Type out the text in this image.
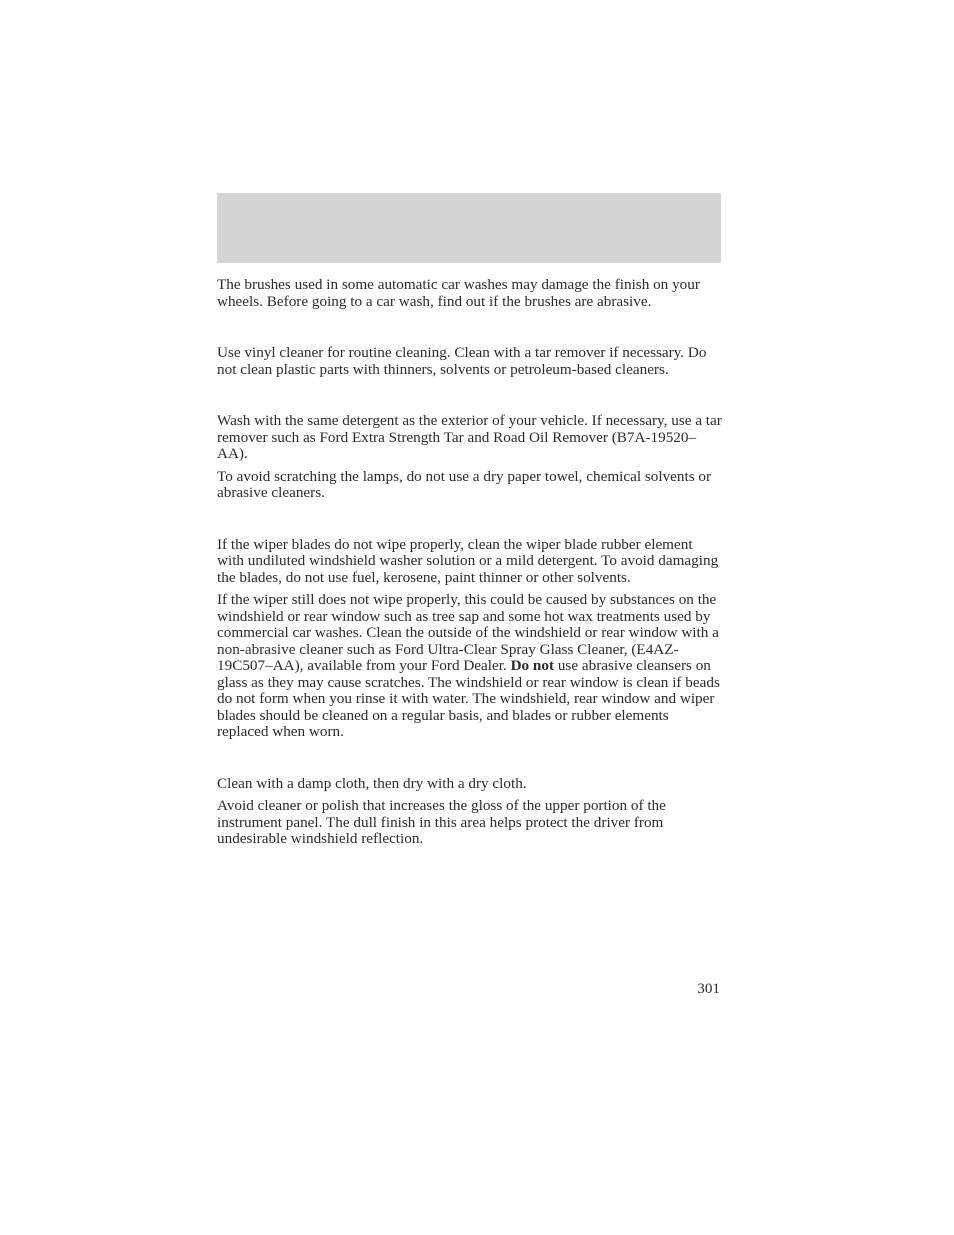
The brushes used in some automatic car washes may damage the finish on your wheels. Before going to a car wash, find out if the brushes are abrasive.

Use vinyl cleaner for routine cleaning. Clean with a tar remover if necessary. Do not clean plastic parts with thinners, solvents or petroleum-based cleaners.

Wash with the same detergent as the exterior of your vehicle. If necessary, use a tar remover such as Ford Extra Strength Tar and Road Oil Remover (B7A-19520–AA).

To avoid scratching the lamps, do not use a dry paper towel, chemical solvents or abrasive cleaners.

If the wiper blades do not wipe properly, clean the wiper blade rubber element with undiluted windshield washer solution or a mild detergent. To avoid damaging the blades, do not use fuel, kerosene, paint thinner or other solvents.

If the wiper still does not wipe properly, this could be caused by substances on the windshield or rear window such as tree sap and some hot wax treatments used by commercial car washes. Clean the outside of the windshield or rear window with a non-abrasive cleaner such as Ford Ultra-Clear Spray Glass Cleaner, (E4AZ-19C507–AA), available from your Ford Dealer. Do not use abrasive cleansers on glass as they may cause scratches. The windshield or rear window is clean if beads do not form when you rinse it with water. The windshield, rear window and wiper blades should be cleaned on a regular basis, and blades or rubber elements replaced when worn.

Clean with a damp cloth, then dry with a dry cloth.

Avoid cleaner or polish that increases the gloss of the upper portion of the instrument panel. The dull finish in this area helps protect the driver from undesirable windshield reflection.

301
